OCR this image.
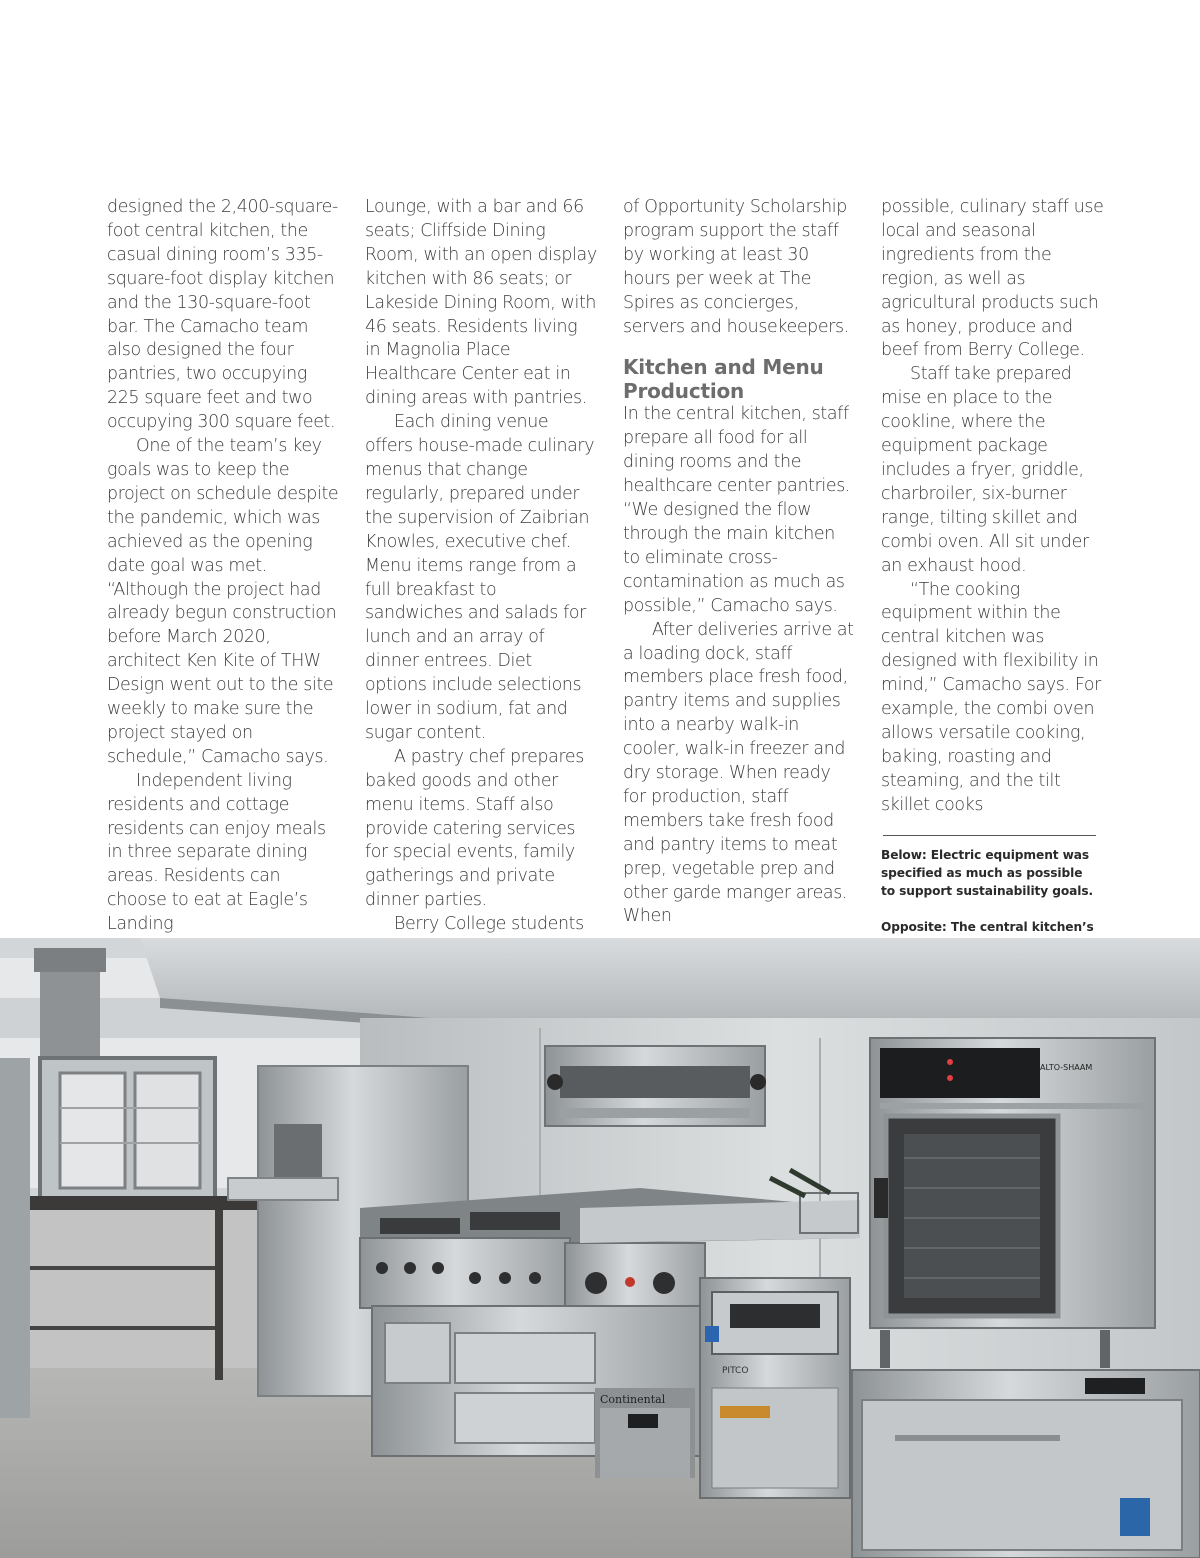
designed the 2,400-square-foot central kitchen, the casual dining room’s 335-square-foot display kitchen and the 130-square-foot bar. The Camacho team also designed the four pantries, two occupying 225 square feet and two occupying 300 square feet.

One of the team’s key goals was to keep the project on schedule despite the pandemic, which was achieved as the opening date goal was met. “Although the project had already begun construction before March 2020, architect Ken Kite of THW Design went out to the site weekly to make sure the project stayed on schedule,” Camacho says.

Independent living residents and cottage residents can enjoy meals in three separate dining areas. Residents can choose to eat at Eagle’s Landing

Lounge, with a bar and 66 seats; Cliffside Dining Room, with an open display kitchen with 86 seats; or Lakeside Dining Room, with 46 seats. Residents living in Magnolia Place Healthcare Center eat in dining areas with pantries.

Each dining venue offers house-made culinary menus that change regularly, prepared under the supervision of Zaibrian Knowles, executive chef. Menu items range from a full breakfast to sandwiches and salads for lunch and an array of dinner entrees. Diet options include selections lower in sodium, fat and sugar content.

A pastry chef prepares baked goods and other menu items. Staff also provide catering services for special events, family gatherings and private dinner parties.

Berry College students

of Opportunity Scholarship program support the staff by working at least 30 hours per week at The Spires as concierges, servers and housekeepers.

Kitchen and Menu Production

In the central kitchen, staff prepare all food for all dining rooms and the healthcare center pantries. “We designed the flow through the main kitchen to eliminate cross-contamination as much as possible,” Camacho says.

After deliveries arrive at a loading dock, staff members place fresh food, pantry items and supplies into a nearby walk-in cooler, walk-in freezer and dry storage. When ready for production, staff members take fresh food and pantry items to meat prep, vegetable prep and other garde manger areas. When

possible, culinary staff use local and seasonal ingredients from the region, as well as agricultural products such as honey, produce and beef from Berry College.

Staff take prepared mise en place to the cookline, where the equipment package includes a fryer, griddle, charbroiler, six-burner range, tilting skillet and combi oven. All sit under an exhaust hood.

“The cooking equipment within the central kitchen was designed with flexibility in mind,” Camacho says. For example, the combi oven allows versatile cooking, baking, roasting and steaming, and the tilt skillet cooks

Below: Electric equipment was specified as much as possible to support sustainability goals.

Opposite: The central kitchen’s

Continental
PITCO
ALTO-SHAAM
